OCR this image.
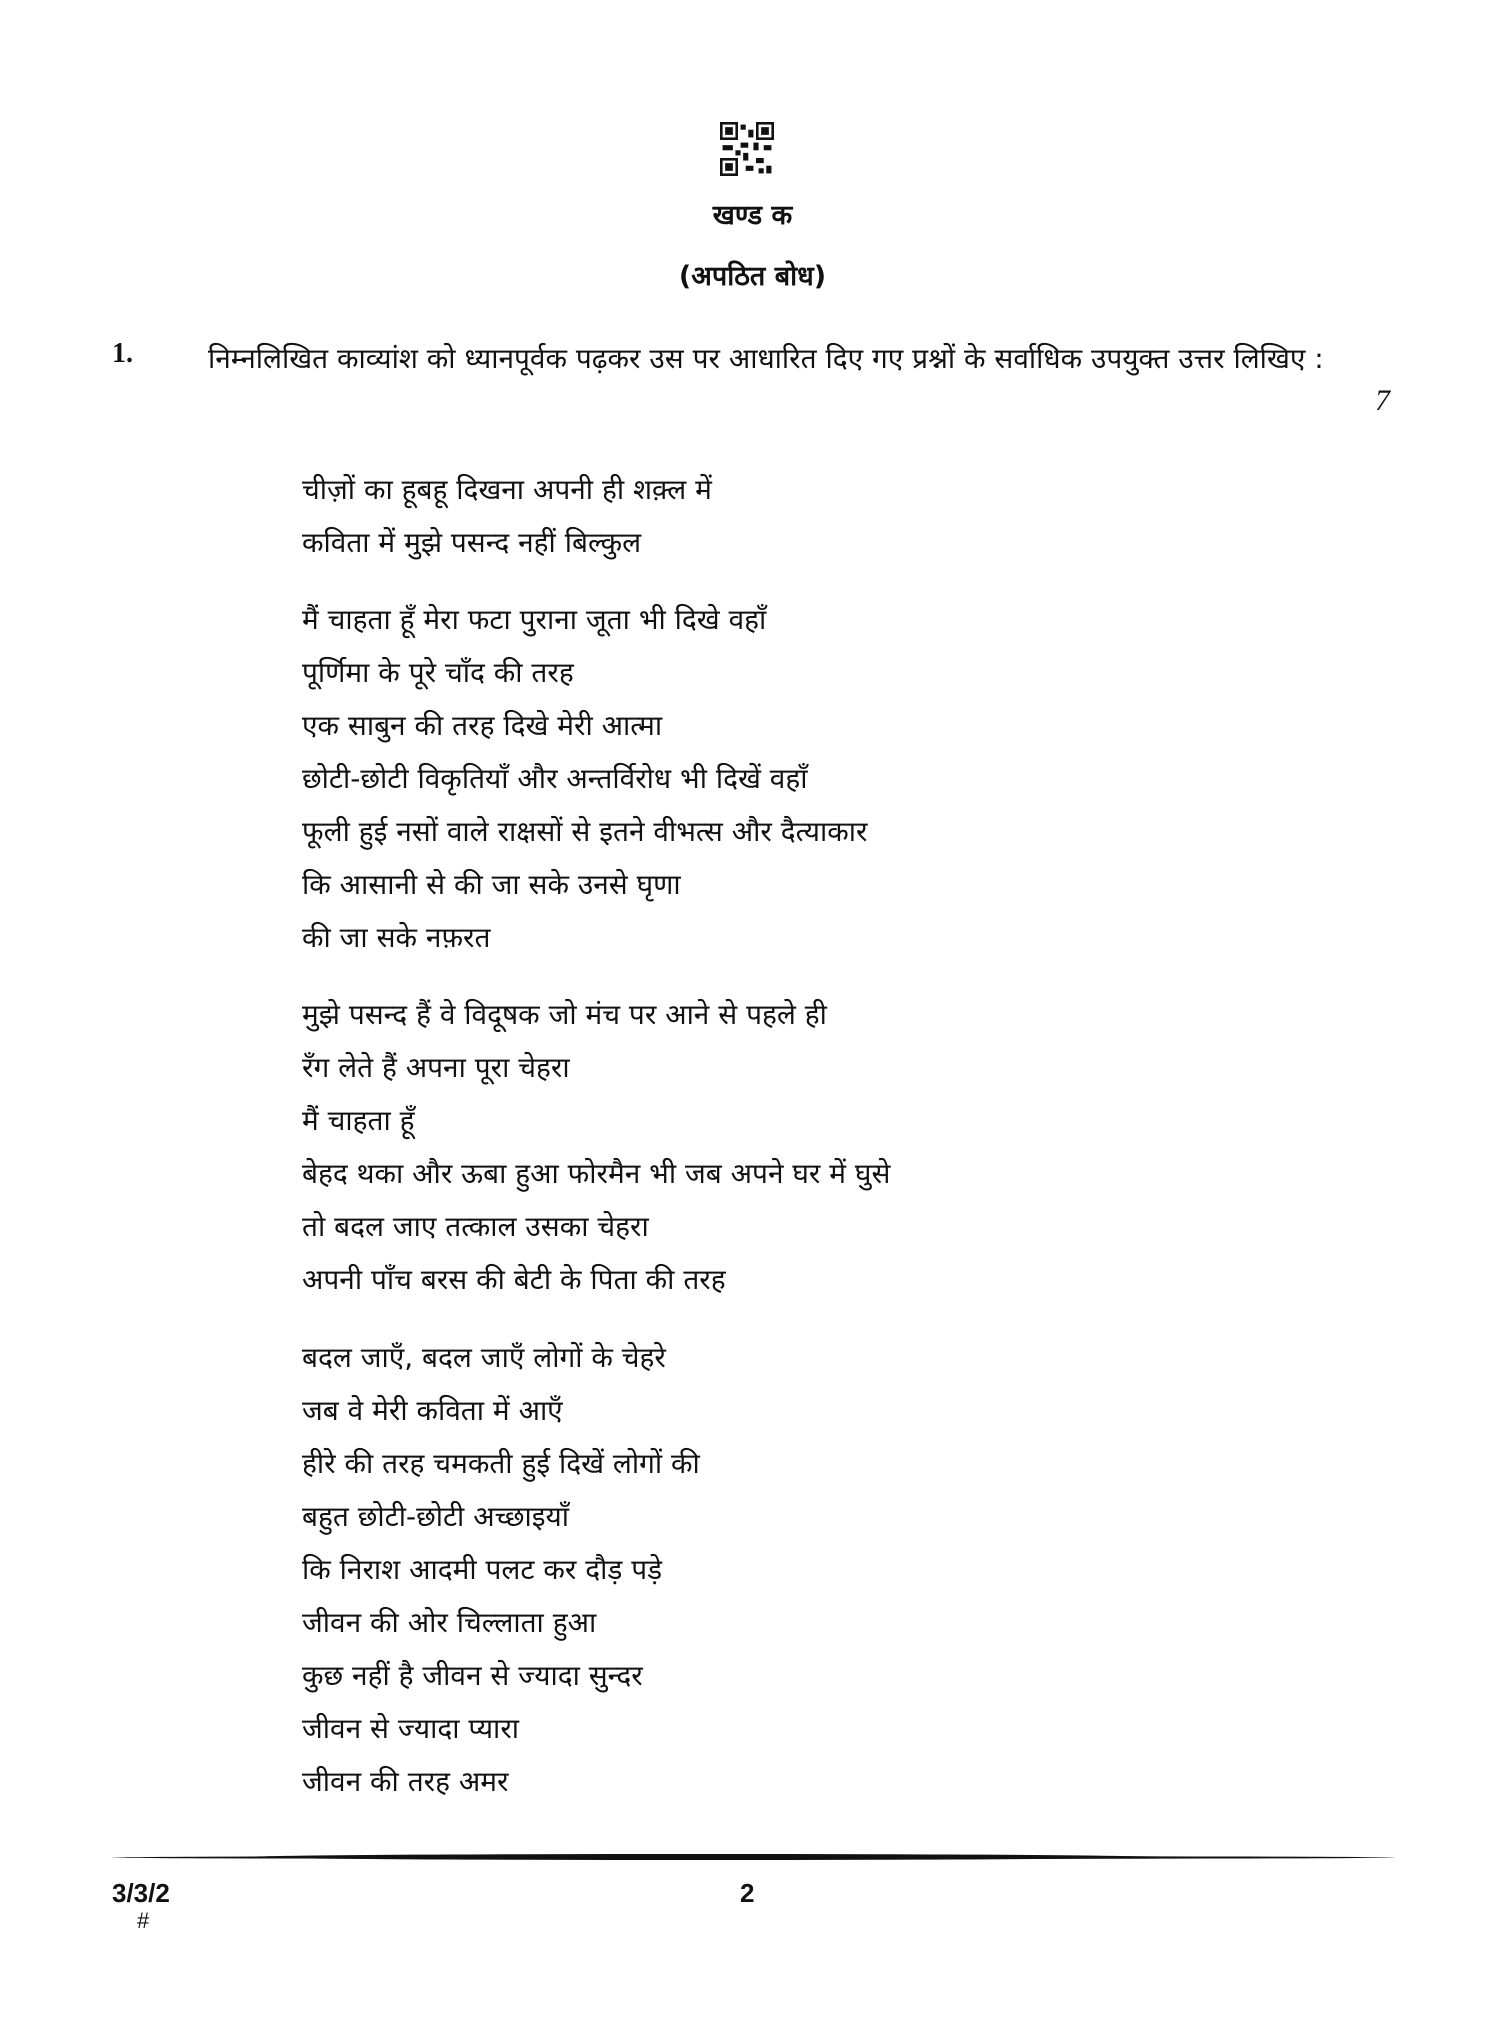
खण्ड क
(अपठित बोध)
1.	निम्नलिखित काव्यांश को ध्यानपूर्वक पढ़कर उस पर आधारित दिए गए प्रश्नों के सर्वाधिक उपयुक्त उत्तर लिखिए :
7
चीज़ों का हूबहू दिखना अपनी ही शक़्ल में
कविता में मुझे पसन्द नहीं बिल्कुल
मैं चाहता हूँ मेरा फटा पुराना जूता भी दिखे वहाँ
पूर्णिमा के पूरे चाँद की तरह
एक साबुन की तरह दिखे मेरी आत्मा
छोटी-छोटी विकृतियाँ और अन्तर्विरोध भी दिखें वहाँ
फूली हुई नसों वाले राक्षसों से इतने वीभत्स और दैत्याकार
कि आसानी से की जा सके उनसे घृणा
की जा सके नफ़रत
मुझे पसन्द हैं वे विदूषक जो मंच पर आने से पहले ही
रँग लेते हैं अपना पूरा चेहरा
मैं चाहता हूँ
बेहद थका और ऊबा हुआ फोरमैन भी जब अपने घर में घुसे
तो बदल जाए तत्काल उसका चेहरा
अपनी पाँच बरस की बेटी के पिता की तरह
बदल जाएँ, बदल जाएँ लोगों के चेहरे
जब वे मेरी कविता में आएँ
हीरे की तरह चमकती हुई दिखें लोगों की
बहुत छोटी-छोटी अच्छाइयाँ
कि निराश आदमी पलट कर दौड़ पड़े
जीवन की ओर चिल्लाता हुआ
कुछ नहीं है जीवन से ज्यादा सुन्दर
जीवन से ज्यादा प्यारा
जीवन की तरह अमर
3/3/2
#
2
